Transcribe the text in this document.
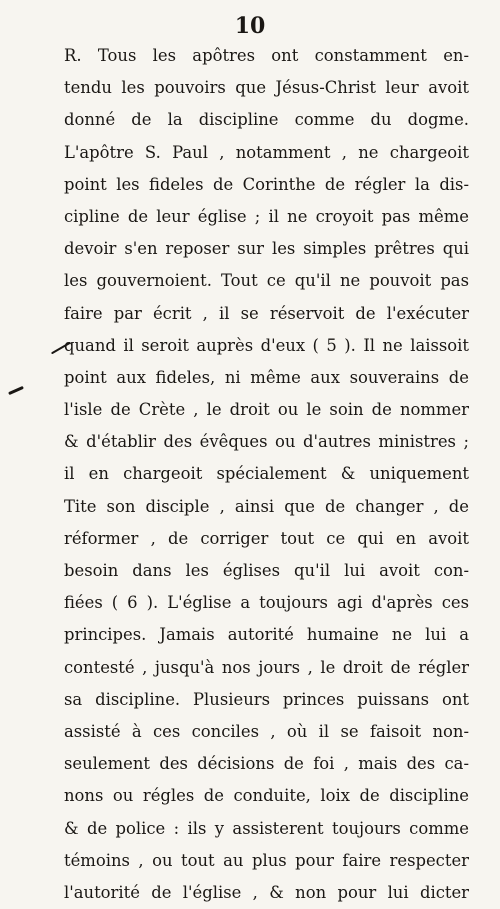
10
R. Tous les apôtres ont constamment en-
tendu les pouvoirs que Jésus-Christ leur avoit
donné de la discipline comme du dogme.
L'apôtre S. Paul , notamment , ne chargeoit
point les fideles de Corinthe de régler la dis-
cipline de leur église ; il ne croyoit pas même
devoir s'en reposer sur les simples prêtres qui
les gouvernoient. Tout ce qu'il ne pouvoit pas
faire par écrit , il se réservoit de l'exécuter
quand il seroit auprès d'eux ( 5 ). Il ne laissoit
point aux fideles, ni même aux souverains de
l'isle de Crète , le droit ou le soin de nommer
& d'établir des évêques ou d'autres ministres ;
il en chargeoit spécialement & uniquement
Tite son disciple , ainsi que de changer , de
réformer , de corriger tout ce qui en avoit
besoin dans les églises qu'il lui avoit con-
fiées ( 6 ). L'église a toujours agi d'après ces
principes. Jamais autorité humaine ne lui a
contesté , jusqu'à nos jours , le droit de régler
sa discipline. Plusieurs princes puissans ont
assisté à ces conciles , où il se faisoit non-
seulement des décisions de foi , mais des ca-
nons ou régles de conduite, loix de discipline
& de police : ils y assisterent toujours comme
témoins , ou tout au plus pour faire respecter
l'autorité de l'église , & non pour lui dicter
